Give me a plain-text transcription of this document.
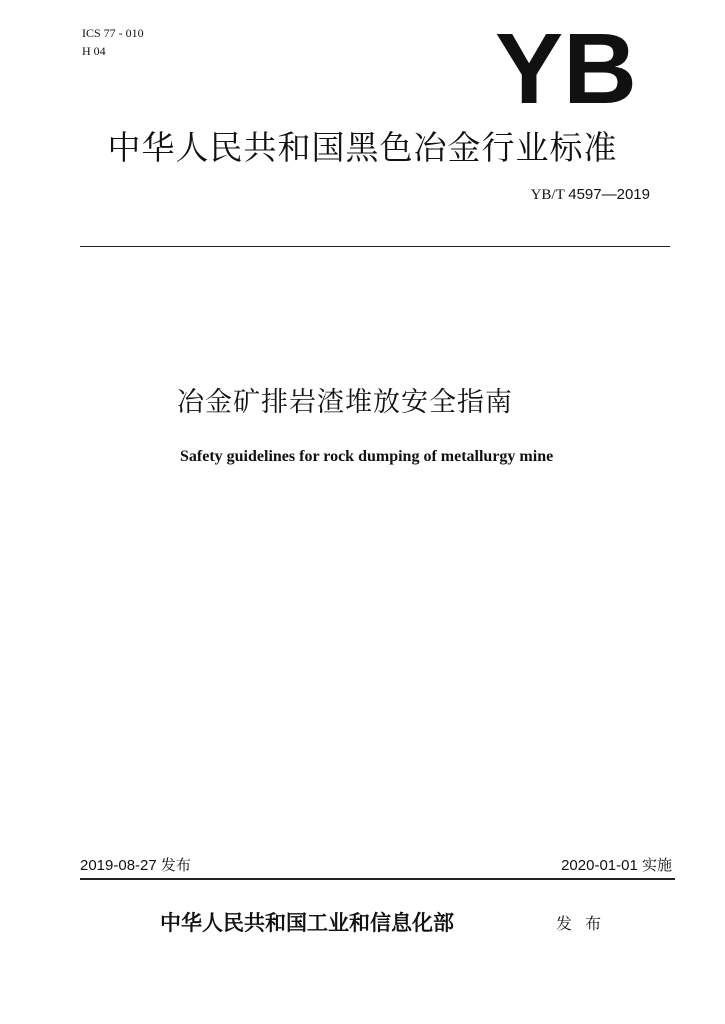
ICS 77 - 010
H 04	YB
中华人民共和国黑色冶金行业标准
YB/T 4597—2019
冶金矿排岩渣堆放安全指南
Safety guidelines for rock dumping of metallurgy mine
2019-08-27 发布	2020-01-01 实施
中华人民共和国工业和信息化部	发 布
